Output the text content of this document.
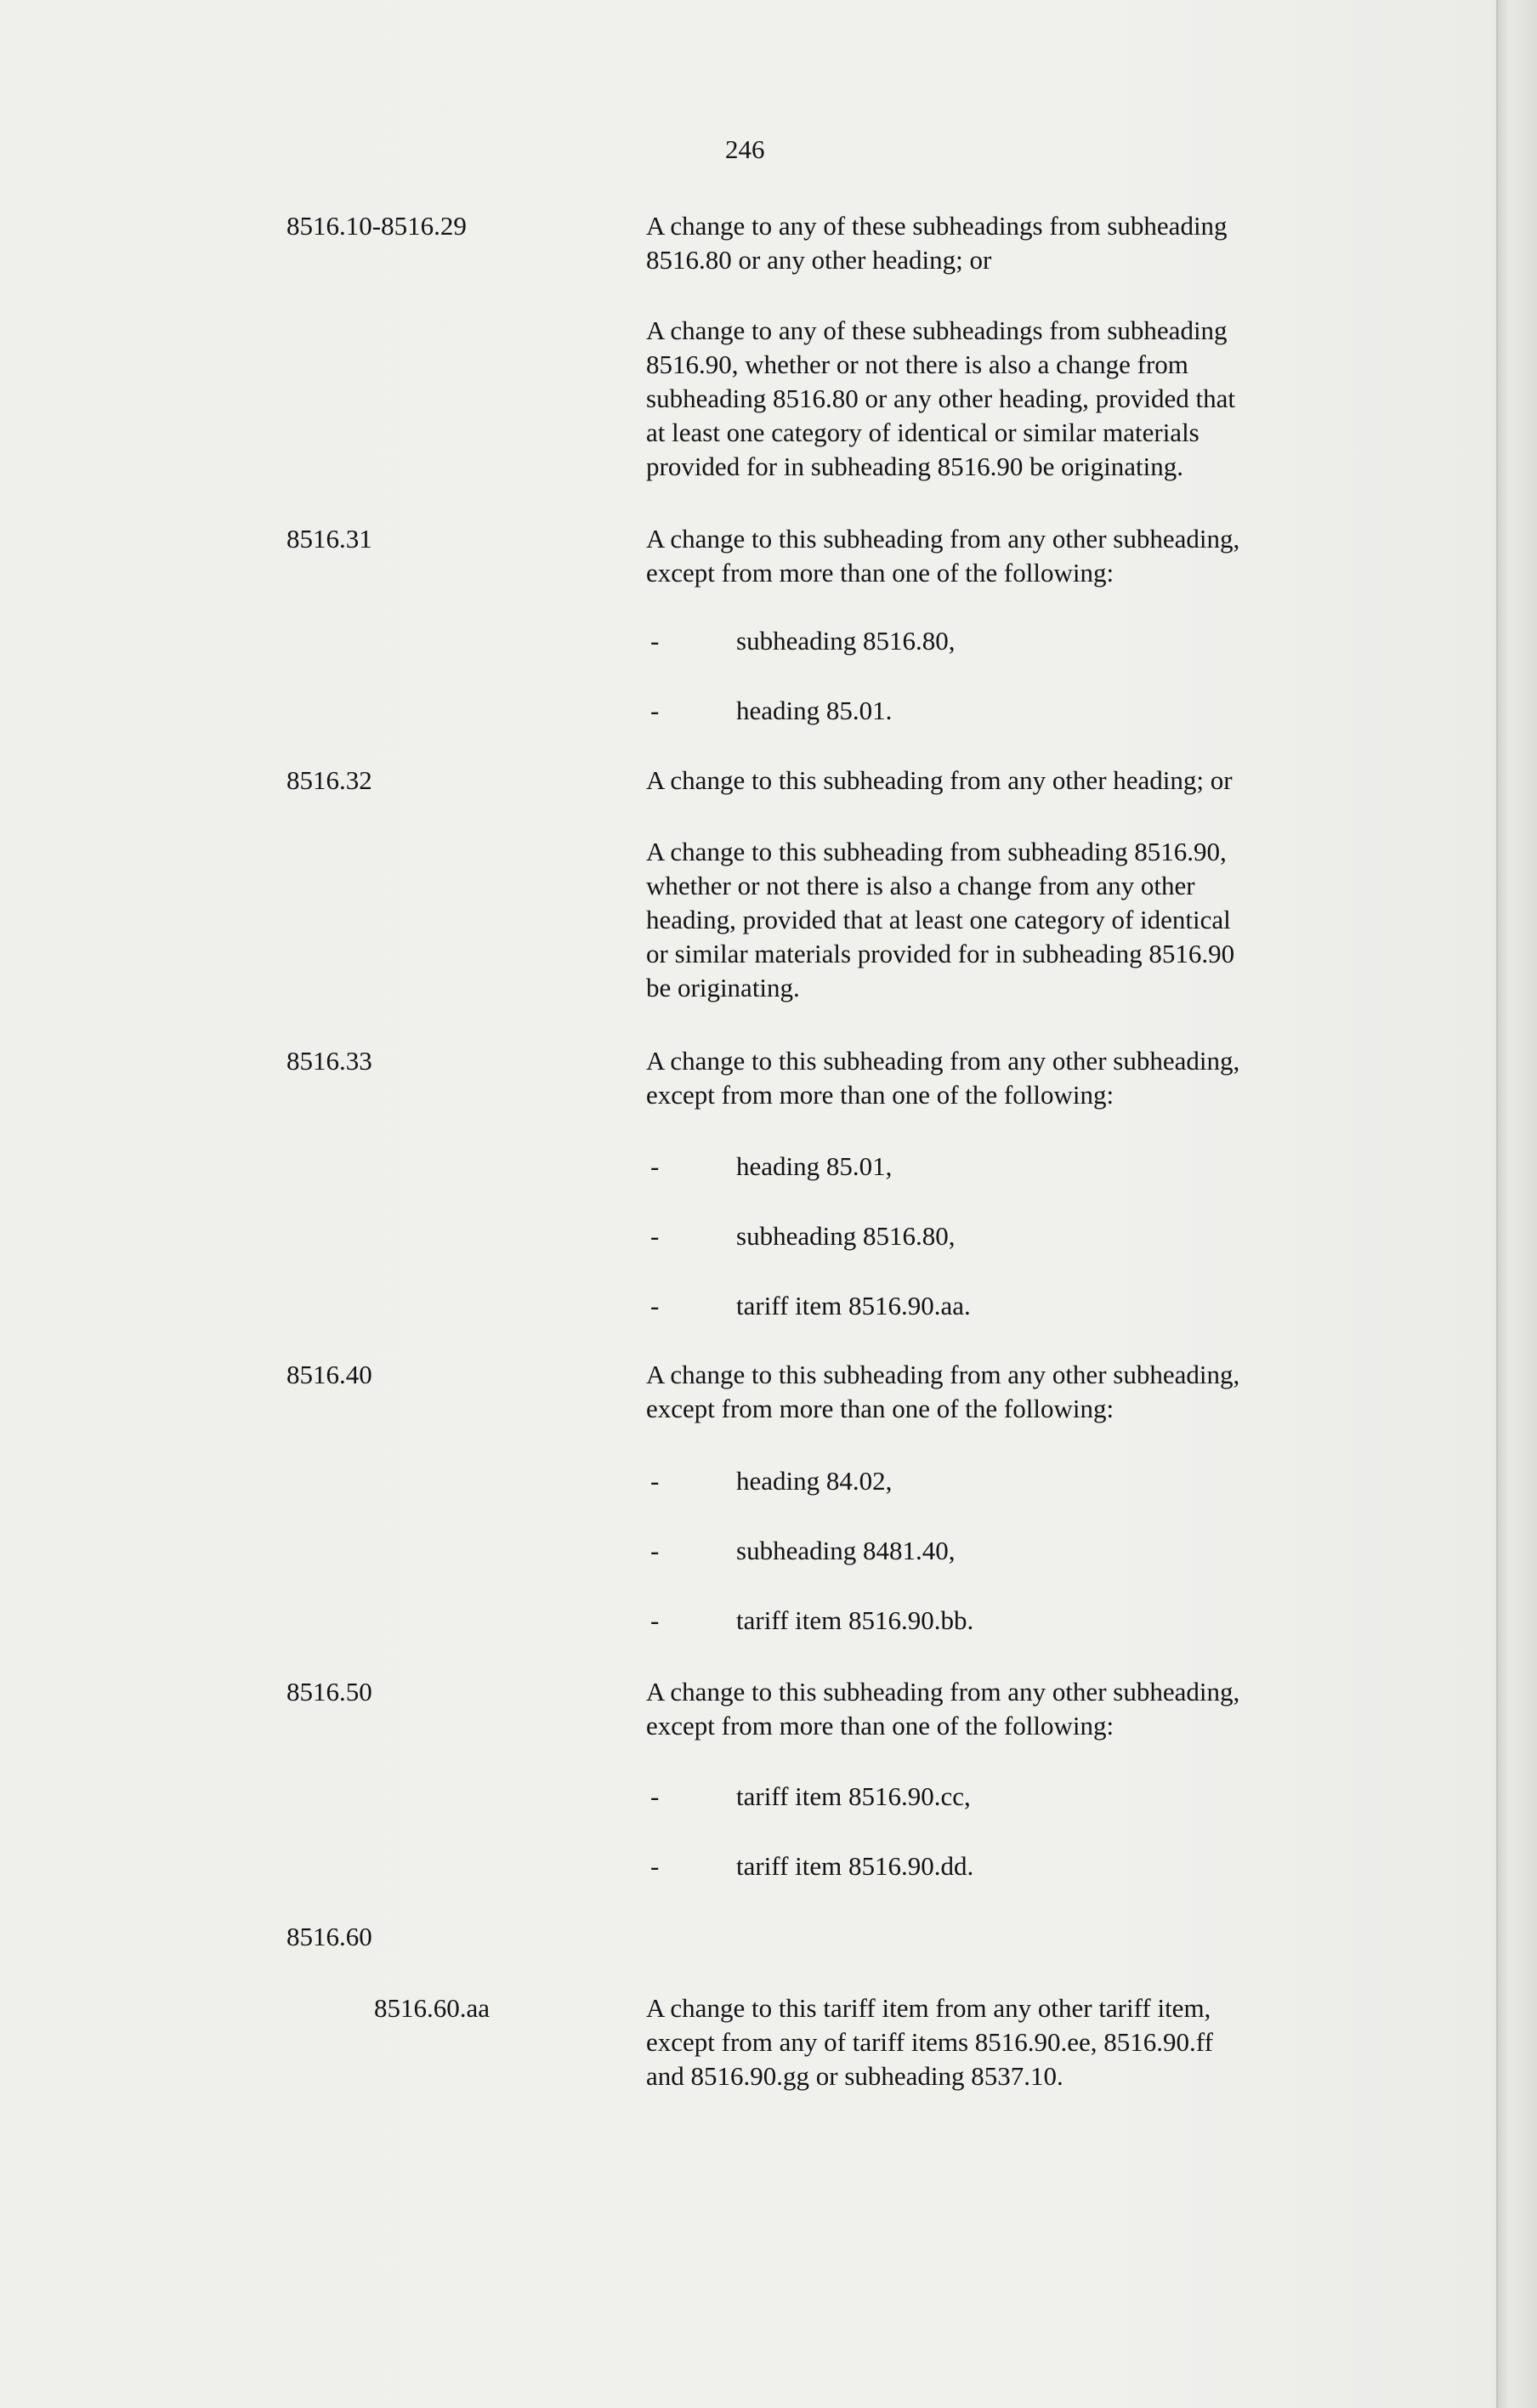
246
8516.10-8516.29	A change to any of these subheadings from subheading
8516.80 or any other heading; or
A change to any of these subheadings from subheading
8516.90, whether or not there is also a change from
subheading 8516.80 or any other heading, provided that
at least one category of identical or similar materials
provided for in subheading 8516.90 be originating.
8516.31	A change to this subheading from any other subheading,
except from more than one of the following:
-	subheading 8516.80,
-	heading 85.01.
8516.32	A change to this subheading from any other heading; or
A change to this subheading from subheading 8516.90,
whether or not there is also a change from any other
heading, provided that at least one category of identical
or similar materials provided for in subheading 8516.90
be originating.
8516.33	A change to this subheading from any other subheading,
except from more than one of the following:
-	heading 85.01,
-	subheading 8516.80,
-	tariff item 8516.90.aa.
8516.40	A change to this subheading from any other subheading,
except from more than one of the following:
-	heading 84.02,
-	subheading 8481.40,
-	tariff item 8516.90.bb.
8516.50	A change to this subheading from any other subheading,
except from more than one of the following:
-	tariff item 8516.90.cc,
-	tariff item 8516.90.dd.
8516.60
8516.60.aa	A change to this tariff item from any other tariff item,
except from any of tariff items 8516.90.ee, 8516.90.ff
and 8516.90.gg or subheading 8537.10.
